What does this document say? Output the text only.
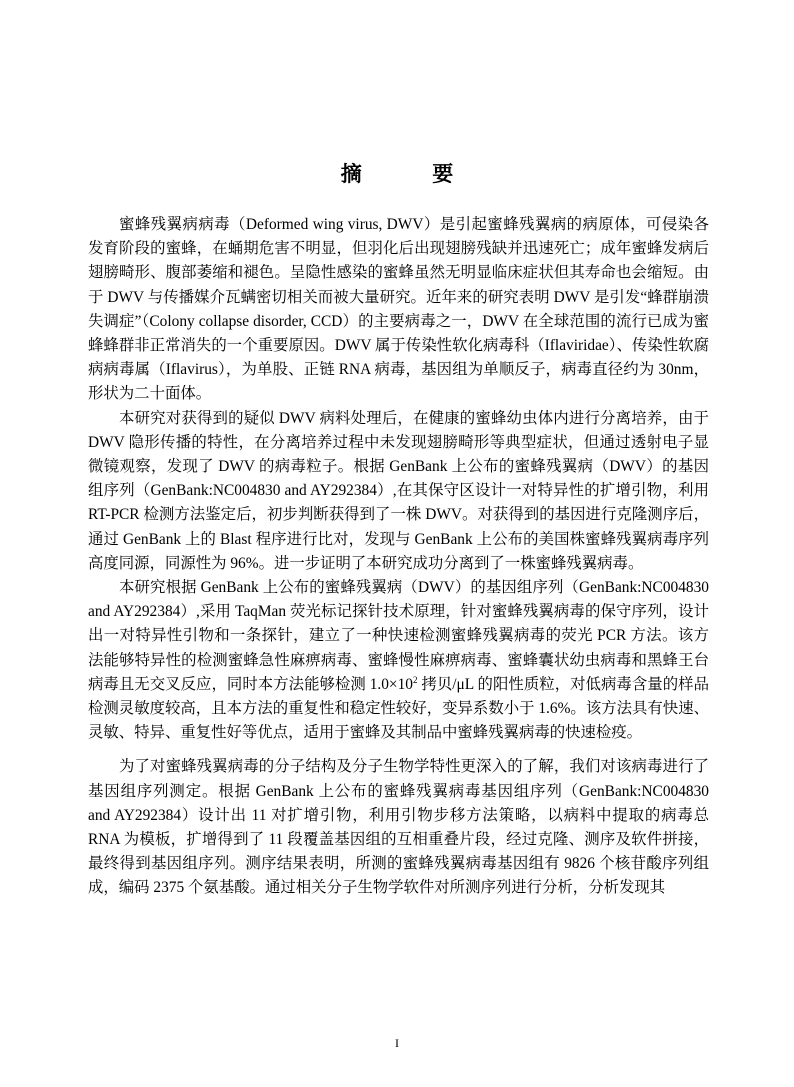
摘  要

蜜蜂残翼病病毒（Deformed wing virus, DWV）是引起蜜蜂残翼病的病原体，可侵染各发育阶段的蜜蜂，在蛹期危害不明显，但羽化后出现翅膀残缺并迅速死亡；成年蜜蜂发病后翅膀畸形、腹部萎缩和褪色。呈隐性感染的蜜蜂虽然无明显临床症状但其寿命也会缩短。由于 DWV 与传播媒介瓦螨密切相关而被大量研究。近年来的研究表明 DWV 是引发“蜂群崩溃失调症”（Colony collapse disorder, CCD）的主要病毒之一，DWV 在全球范围的流行已成为蜜蜂蜂群非正常消失的一个重要原因。DWV 属于传染性软化病毒科（Iflaviridae）、传染性软腐病病毒属（Iflavirus），为单股、正链 RNA 病毒，基因组为单顺反子，病毒直径约为 30nm，形状为二十面体。

本研究对获得到的疑似 DWV 病料处理后，在健康的蜜蜂幼虫体内进行分离培养，由于 DWV 隐形传播的特性，在分离培养过程中未发现翅膀畸形等典型症状，但通过透射电子显微镜观察，发现了 DWV 的病毒粒子。根据 GenBank 上公布的蜜蜂残翼病（DWV）的基因组序列（GenBank:NC004830 and AY292384）,在其保守区设计一对特异性的扩增引物，利用 RT-PCR 检测方法鉴定后，初步判断获得到了一株 DWV。对获得到的基因进行克隆测序后，通过 GenBank 上的 Blast 程序进行比对，发现与 GenBank 上公布的美国株蜜蜂残翼病毒序列高度同源，同源性为 96%。进一步证明了本研究成功分离到了一株蜜蜂残翼病毒。

本研究根据 GenBank 上公布的蜜蜂残翼病（DWV）的基因组序列（GenBank:NC004830 and AY292384）,采用 TaqMan 荧光标记探针技术原理，针对蜜蜂残翼病毒的保守序列，设计出一对特异性引物和一条探针，建立了一种快速检测蜜蜂残翼病毒的荧光 PCR 方法。该方法能够特异性的检测蜜蜂急性麻痹病毒、蜜蜂慢性麻痹病毒、蜜蜂囊状幼虫病毒和黑蜂王台病毒且无交叉反应，同时本方法能够检测 $1.0\times 10^2$ 拷贝/μL 的阳性质粒，对低病毒含量的样品检测灵敏度较高，且本方法的重复性和稳定性较好，变异系数小于 1.6%。该方法具有快速、灵敏、特异、重复性好等优点，适用于蜜蜂及其制品中蜜蜂残翼病毒的快速检疫。

为了对蜜蜂残翼病毒的分子结构及分子生物学特性更深入的了解，我们对该病毒进行了基因组序列测定。根据 GenBank 上公布的蜜蜂残翼病毒基因组序列（GenBank:NC004830 and AY292384）设计出 11 对扩增引物，利用引物步移方法策略，以病料中提取的病毒总 RNA 为模板，扩增得到了 11 段覆盖基因组的互相重叠片段，经过克隆、测序及软件拼接，最终得到基因组序列。测序结果表明，所测的蜜蜂残翼病毒基因组有 9826 个核苷酸序列组成，编码 2375 个氨基酸。通过相关分子生物学软件对所测序列进行分析，分析发现其

I
